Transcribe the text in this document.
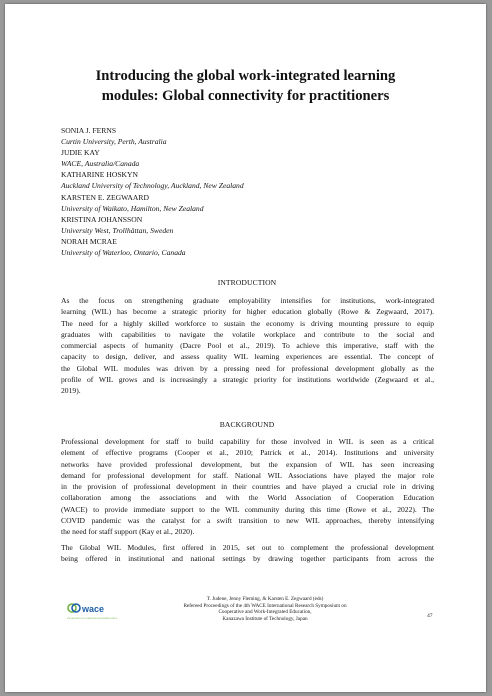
Introducing the global work-integrated learning
modules: Global connectivity for practitioners
SONIA J. FERNS
Curtin University, Perth, Australia
JUDIE KAY
WACE, Australia/Canada
KATHARINE HOSKYN
Auckland University of Technology, Auckland, New Zealand
KARSTEN E. ZEGWAARD
University of Waikato, Hamilton, New Zealand
KRISTINA JOHANSSON
University West, Trollhättan, Sweden
NORAH MCRAE
University of Waterloo, Ontario, Canada
INTRODUCTION
As the focus on strengthening graduate employability intensifies for institutions, work-integrated
learning (WIL) has become a strategic priority for higher education globally (Rowe & Zegwaard, 2017).
The need for a highly skilled workforce to sustain the economy is driving mounting pressure to equip
graduates with capabilities to navigate the volatile workplace and contribute to the social and
commercial aspects of humanity (Dacre Pool et al., 2019). To achieve this imperative, staff with the
capacity to design, deliver, and assess quality WIL learning experiences are essential. The concept of
the Global WIL modules was driven by a pressing need for professional development globally as the
profile of WIL grows and is increasingly a strategic priority for institutions worldwide (Zegwaard et al.,
2019).
BACKGROUND
Professional development for staff to build capability for those involved in WIL is seen as a critical
element of effective programs (Cooper et al., 2010; Patrick et al., 2014). Institutions and university
networks have provided professional development, but the expansion of WIL has seen increasing
demand for professional development for staff. National WIL Associations have played the major role
in the provision of professional development in their countries and have played a crucial role in driving
collaboration among the associations and with the World Association of Cooperation Education
(WACE) to provide immediate support to the WIL community during this time (Rowe et al., 2022). The
COVID pandemic was the catalyst for a swift transition to new WIL approaches, thereby intensifying
the need for staff support (Kay et al., 2020).
The Global WIL Modules, first offered in 2015, set out to complement the professional development
being offered in institutional and national settings by drawing together participants from across the
wace
WORLD ASSOCIATION FOR COOPERATIVE AND WORK-INTEGRATED EDUCATION
T. Judene, Jenny Fleming, & Karsten E. Zegwaard (eds)
Refereed Proceedings of the 4th WACE International Research Symposium on
Cooperative and Work-Integrated Education,
Kanazawa Institute of Technology, Japan	47
